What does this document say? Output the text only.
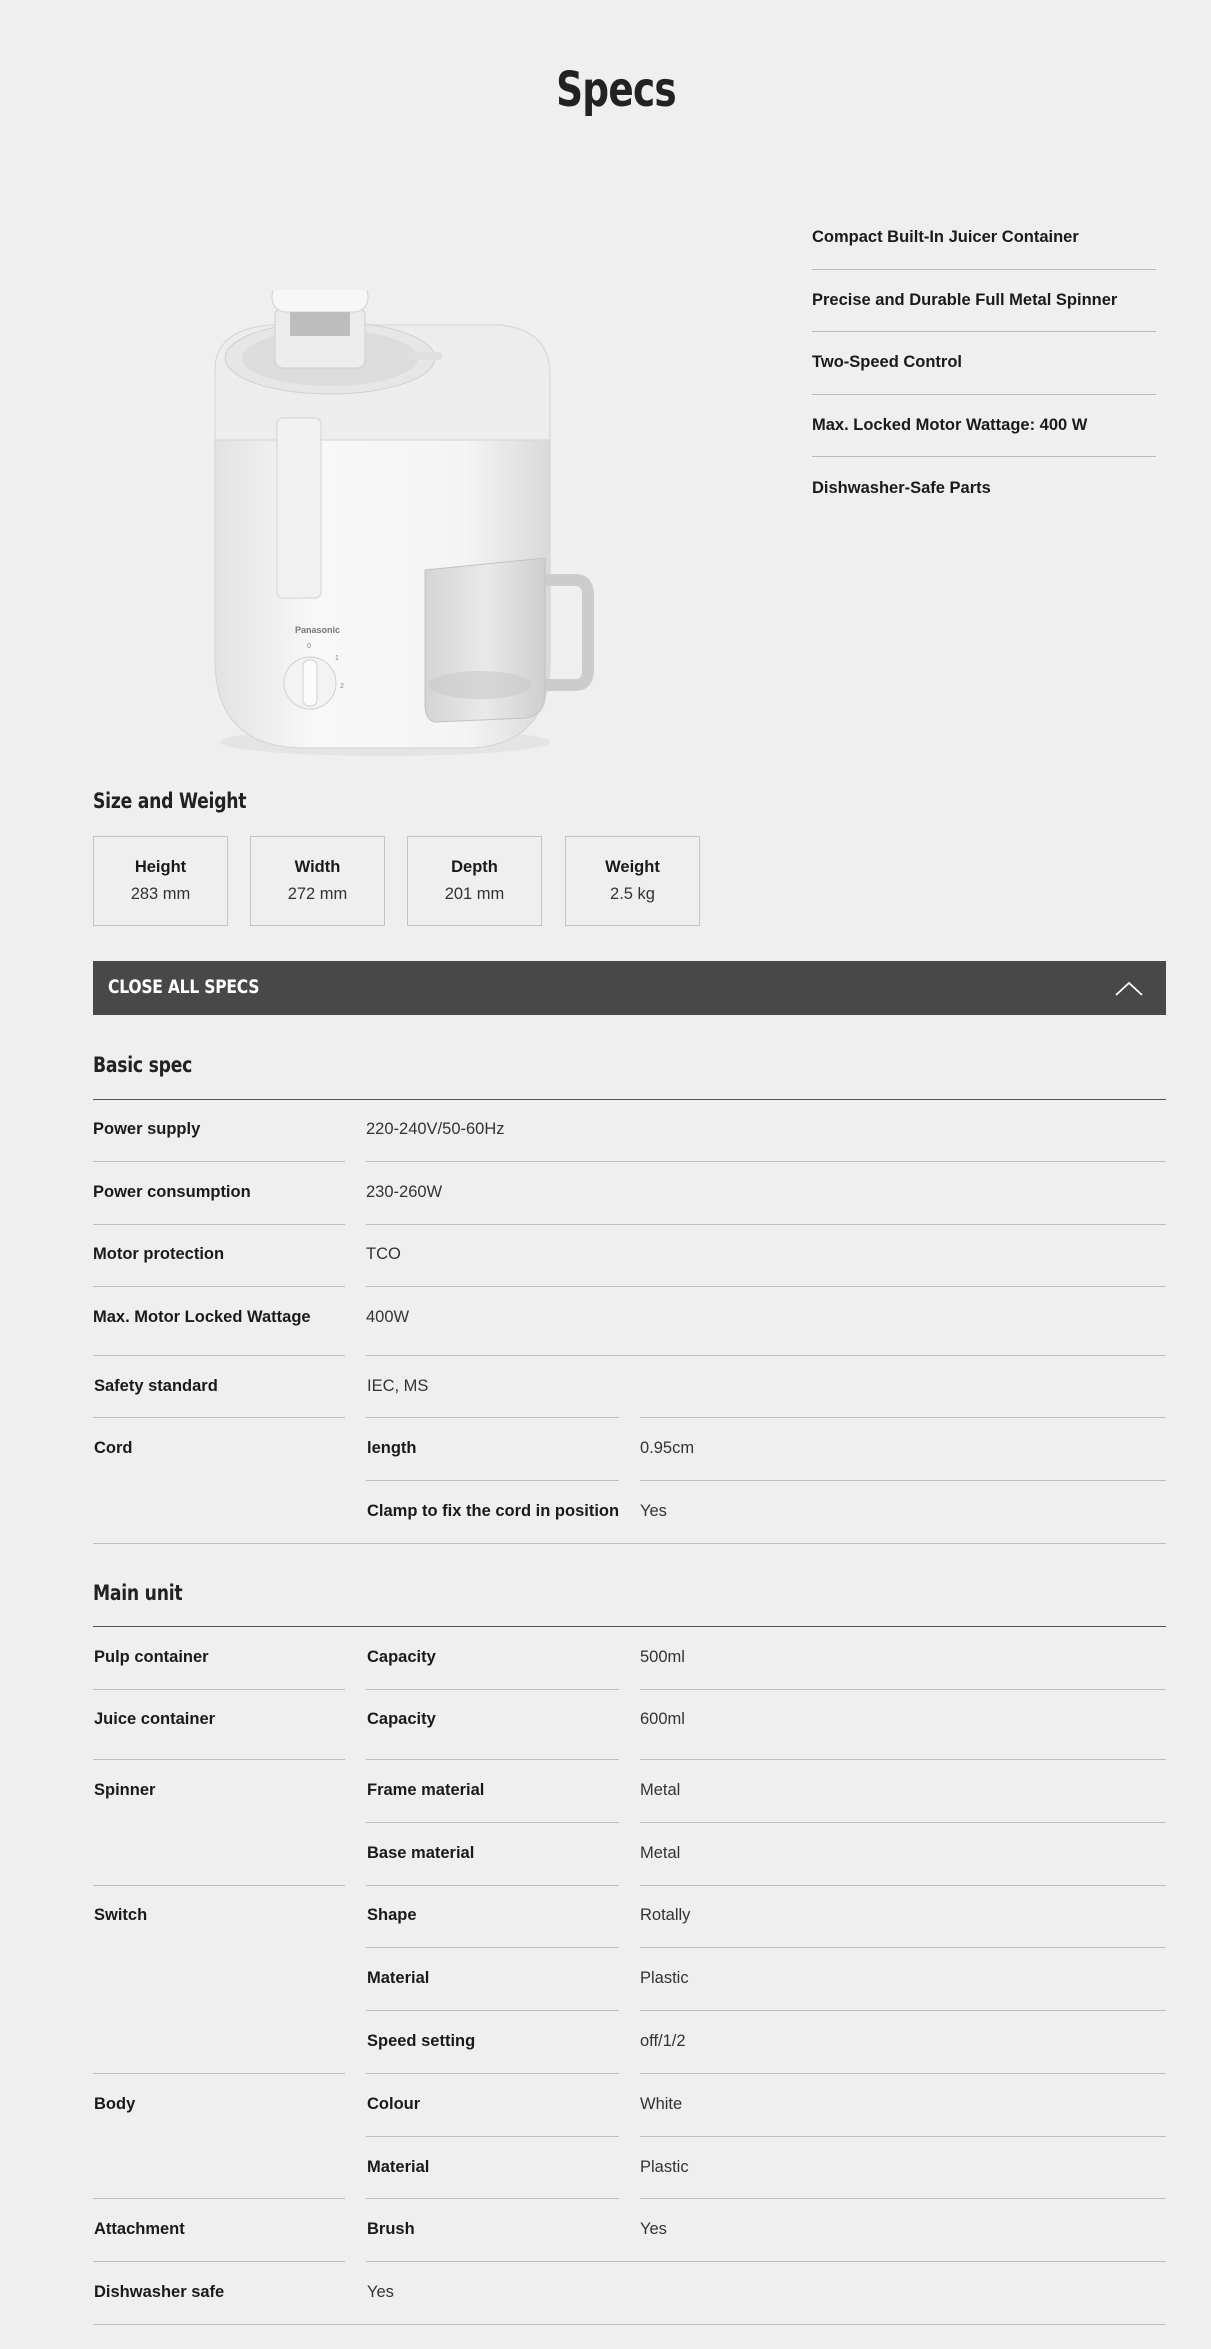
Specs
Panasonic
0
1
2
Compact Built-In Juicer Container
Precise and Durable Full Metal Spinner
Two-Speed Control
Max. Locked Motor Wattage: 400 W
Dishwasher-Safe Parts
Size and Weight
Height
283 mm
Width
272 mm
Depth
201 mm
Weight
2.5 kg
CLOSE ALL SPECS
Basic spec
Power supply	220-240V/50-60Hz
Power consumption	230-260W
Motor protection	TCO
Max. Motor Locked Wattage	400W
Safety standard	IEC, MS
Cord	length	0.95cm
Clamp to fix the cord in position Yes
Main unit
Pulp container	Capacity	500ml
Juice container	Capacity	600ml
Spinner	Frame material	Metal
Base material	Metal
Switch	Shape	Rotally
Material	Plastic
Speed setting	off/1/2
Body	Colour	White
Material	Plastic
Attachment	Brush	Yes
Dishwasher safe	Yes
